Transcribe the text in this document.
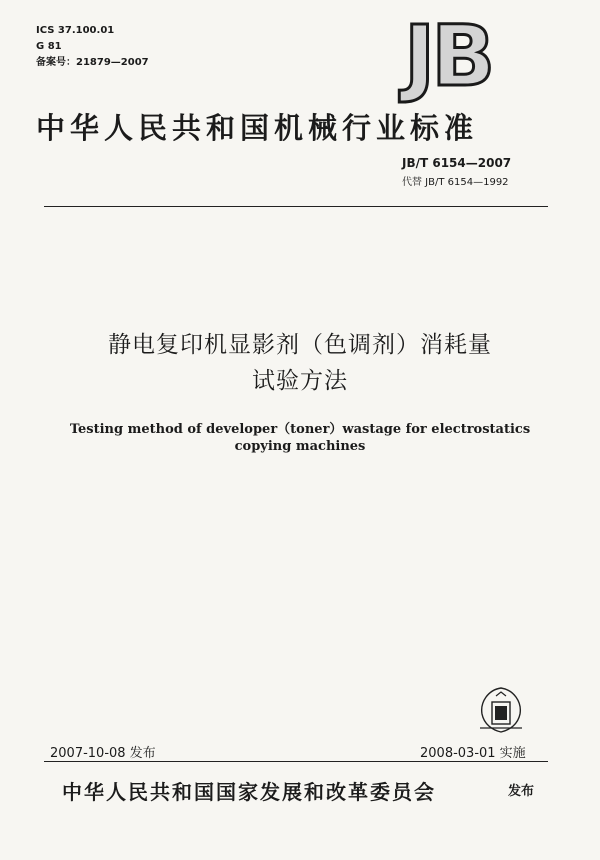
ICS 37.100.01
G 81
备案号：21879—2007	JB
中华人民共和国机械行业标准
JB/T 6154—2007
代替 JB/T 6154—1992
静电复印机显影剂（色调剂）消耗量
试验方法
Testing method of developer（toner）wastage for electrostatics
copying machines
2007-10-08 发布	2008-03-01 实施
中华人民共和国国家发展和改革委员会	发布
